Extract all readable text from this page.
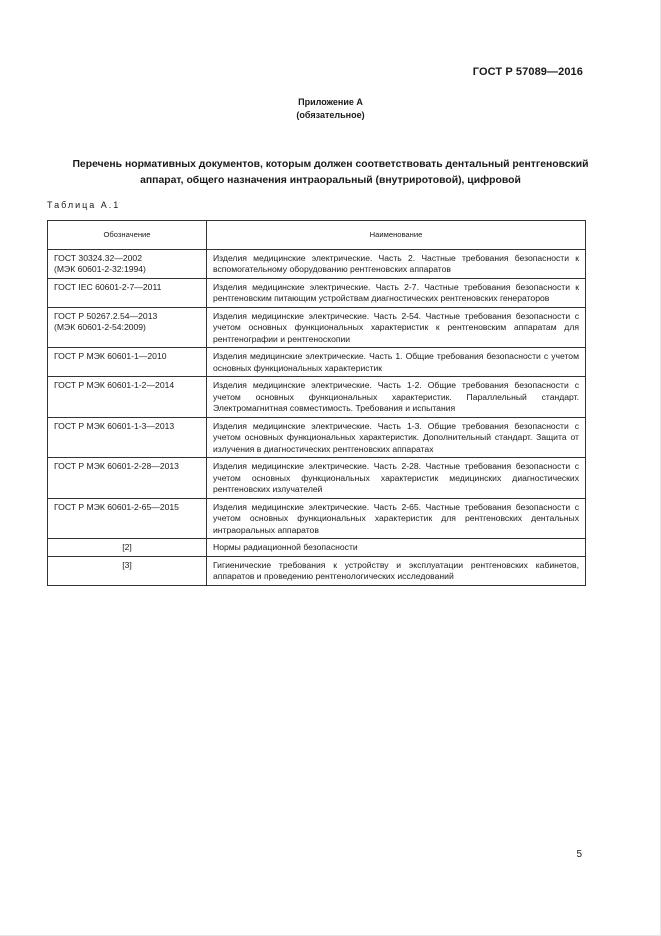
ГОСТ Р 57089—2016
Приложение А
(обязательное)
Перечень нормативных документов, которым должен соответствовать дентальный рентгеновский аппарат, общего назначения интраоральный (внутриротовой), цифровой
Таблица А.1
Обозначение	Наименование
ГОСТ 30324.32—2002
(МЭК 60601-2-32:1994)	Изделия медицинские электрические. Часть 2. Частные требования безопасности к вспомогательному оборудованию рентгеновских аппаратов
ГОСТ IEC 60601-2-7—2011	Изделия медицинские электрические. Часть 2-7. Частные требования безопасности к рентгеновским питающим устройствам диагностических рентгеновских генераторов
ГОСТ Р 50267.2.54—2013
(МЭК 60601-2-54:2009)	Изделия медицинские электрические. Часть 2-54. Частные требования безопасности с учетом основных функциональных характеристик к рентгеновским аппаратам для рентгенографии и рентгеноскопии
ГОСТ Р МЭК 60601-1—2010	Изделия медицинские электрические. Часть 1. Общие требования безопасности с учетом основных функциональных характеристик
ГОСТ Р МЭК 60601-1-2—2014	Изделия медицинские электрические. Часть 1-2. Общие требования безопасности с учетом основных функциональных характеристик. Параллельный стандарт. Электромагнитная совместимость. Требования и испытания
ГОСТ Р МЭК 60601-1-3—2013	Изделия медицинские электрические. Часть 1-3. Общие требования безопасности с учетом основных функциональных характеристик. Дополнительный стандарт. Защита от излучения в диагностических рентгеновских аппаратах
ГОСТ Р МЭК 60601-2-28—2013	Изделия медицинские электрические. Часть 2-28. Частные требования безопасности с учетом основных функциональных характеристик медицинских диагностических рентгеновских излучателей
ГОСТ Р МЭК 60601-2-65—2015	Изделия медицинские электрические. Часть 2-65. Частные требования безопасности с учетом основных функциональных характеристик для рентгеновских дентальных интраоральных аппаратов
[2]	Нормы радиационной безопасности
[3]	Гигиенические требования к устройству и эксплуатации рентгеновских кабинетов, аппаратов и проведению рентгенологических исследований
5
